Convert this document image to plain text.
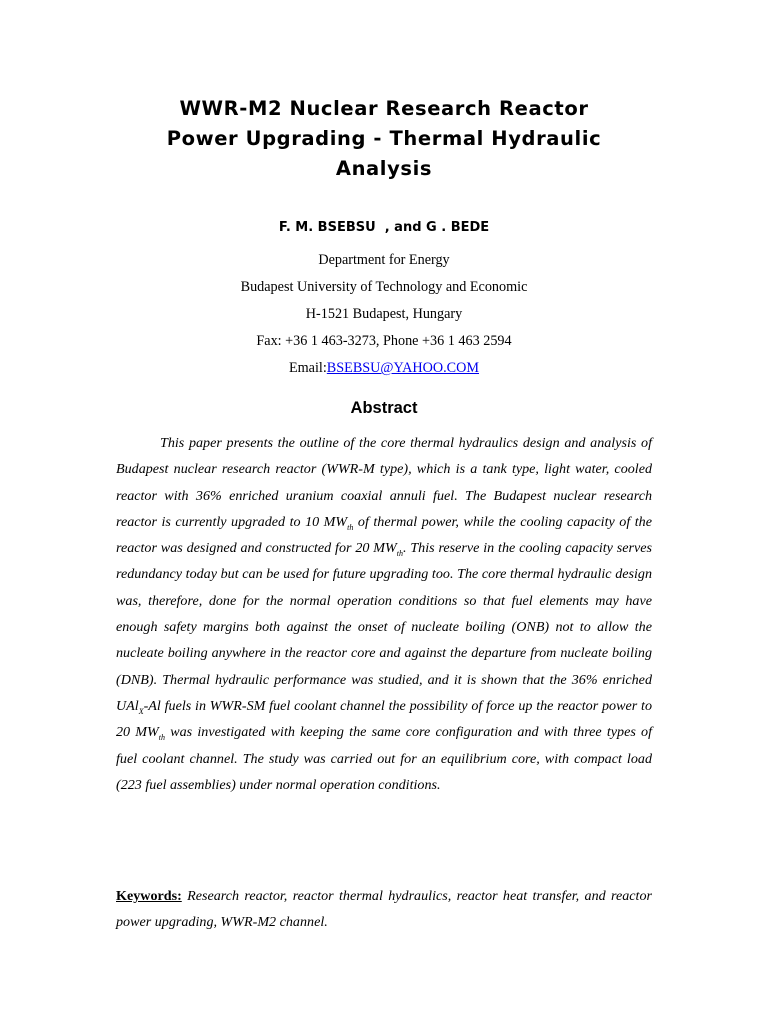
WWR-M2 Nuclear Research Reactor
Power Upgrading - Thermal Hydraulic
Analysis
F. M. BSEBSU  , and G . BEDE
Department for Energy
Budapest University of Technology and Economic
H-1521 Budapest, Hungary
Fax: +36 1 463-3273, Phone +36 1 463 2594
Email:BSEBSU@YAHOO.COM
Abstract

This paper presents the outline of the core thermal hydraulics design and analysis of Budapest nuclear research reactor (WWR-M type), which is a tank type, light water, cooled reactor with 36% enriched uranium coaxial annuli fuel. The Budapest nuclear research reactor is currently upgraded to 10 $MW_{th}$ of thermal power, while the cooling capacity of the reactor was designed and constructed for 20 $MW_{th}$. This reserve in the cooling capacity serves redundancy today but can be used for future upgrading too. The core thermal hydraulic design was, therefore, done for the normal operation conditions so that fuel elements may have enough safety margins both against the onset of nucleate boiling (ONB) not to allow the nucleate boiling anywhere in the reactor core and against the departure from nucleate boiling (DNB). Thermal hydraulic performance was studied, and it is shown that the 36% enriched UAl$_X$-Al fuels in WWR-SM fuel coolant channel the possibility of force up the reactor power to 20 $MW_{th}$ was investigated with keeping the same core configuration and with three types of fuel coolant channel. The study was carried out for an equilibrium core, with compact load (223 fuel assemblies) under normal operation conditions.

Keywords: Research reactor, reactor thermal hydraulics, reactor heat transfer, and reactor power upgrading, WWR-M2 channel.
